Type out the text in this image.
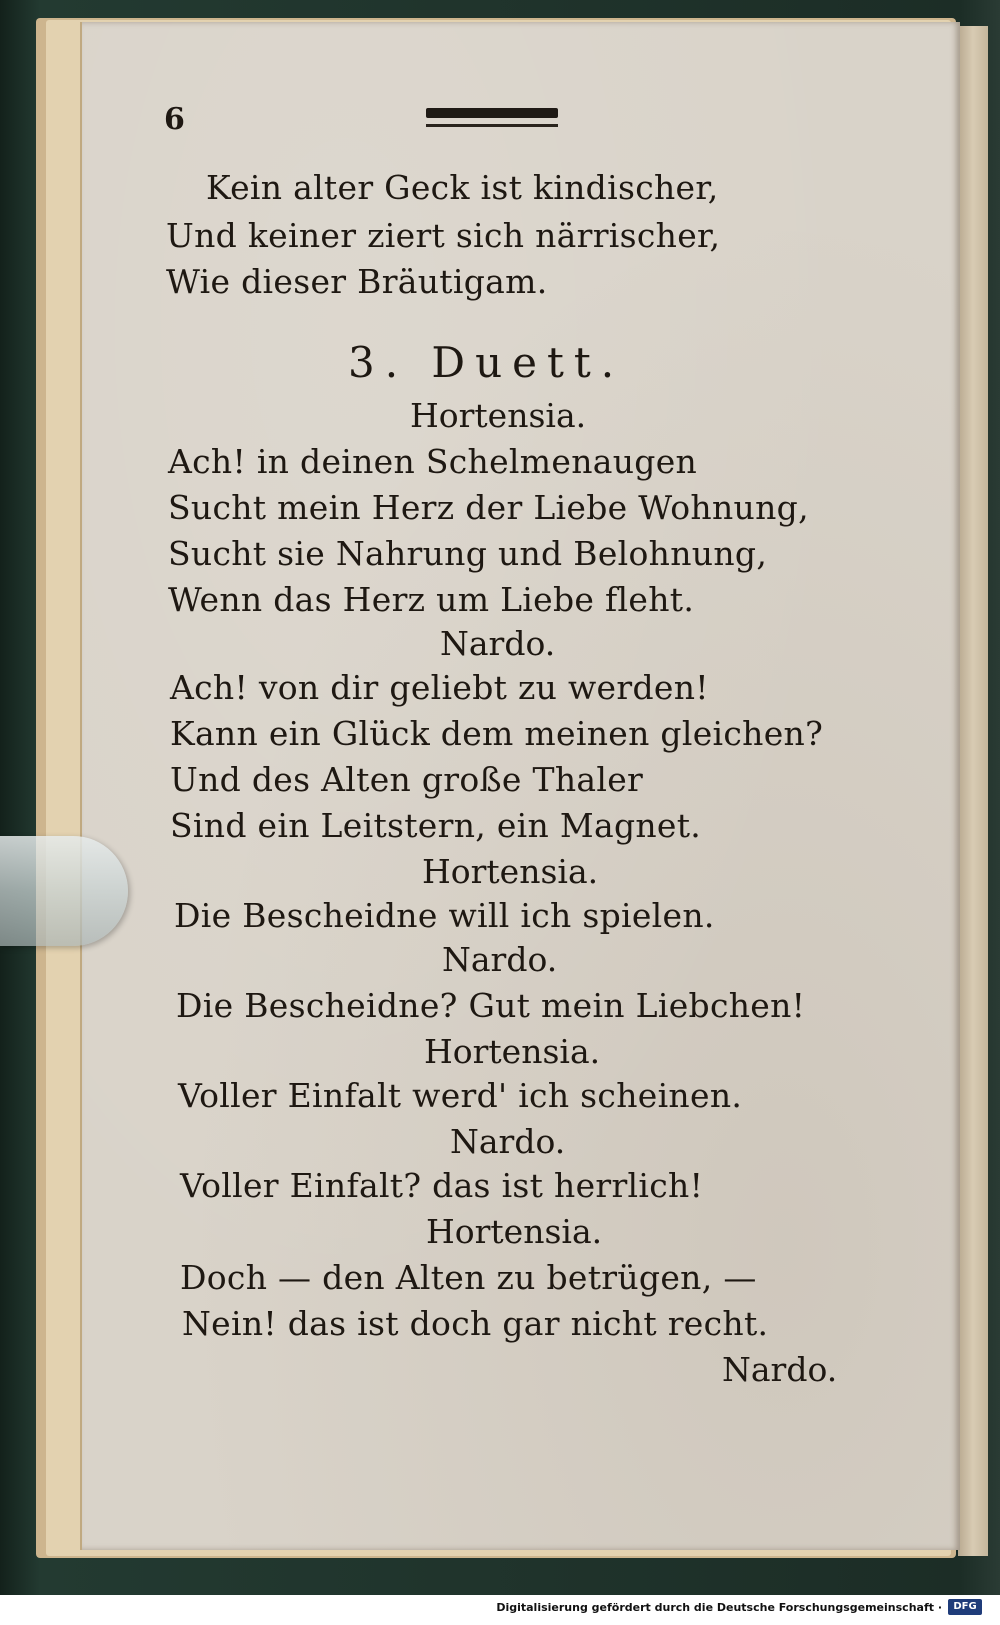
6
Kein alter Geck ist kindischer,
Und keiner ziert sich närrischer,
Wie dieser Bräutigam.
3. Duett.
Hortensia.
Ach! in deinen Schelmenaugen
Sucht mein Herz der Liebe Wohnung,
Sucht sie Nahrung und Belohnung,
Wenn das Herz um Liebe fleht.
Nardo.
Ach! von dir geliebt zu werden!
Kann ein Glück dem meinen gleichen?
Und des Alten große Thaler
Sind ein Leitstern, ein Magnet.
Hortensia.
Die Bescheidne will ich spielen.
Nardo.
Die Bescheidne? Gut mein Liebchen!
Hortensia.
Voller Einfalt werd' ich scheinen.
Nardo.
Voller Einfalt? das ist herrlich!
Hortensia.
Doch — den Alten zu betrügen, —
Nein! das ist doch gar nicht recht.
Nardo.
Digitalisierung gefördert durch die Deutsche Forschungsgemeinschaft ·	DFG
